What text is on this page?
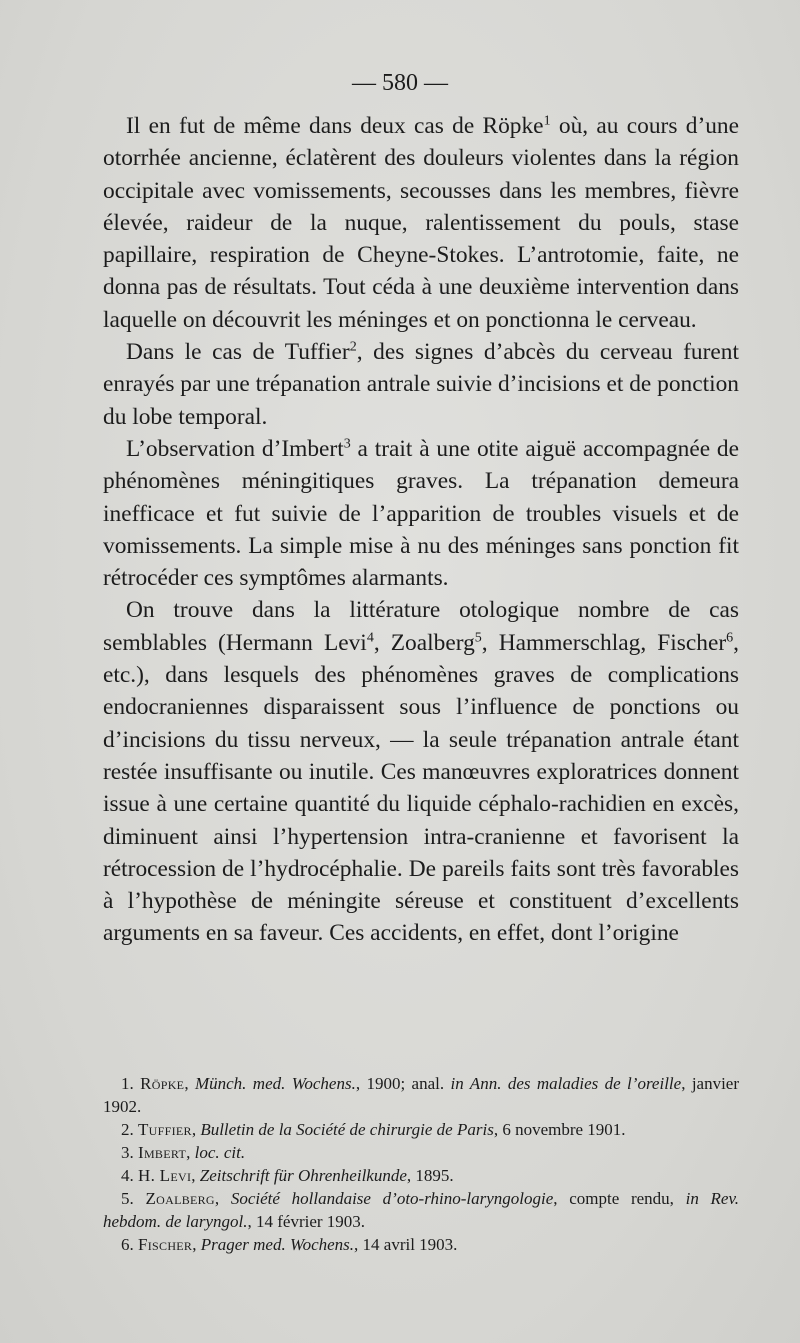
— 580 —

Il en fut de même dans deux cas de Röpke$^1$ où, au cours d’une otorrhée ancienne, éclatèrent des douleurs violentes dans la région occipitale avec vomissements, secousses dans les membres, fièvre élevée, raideur de la nuque, ralentissement du pouls, stase papillaire, respiration de Cheyne-Stokes. L’antrotomie, faite, ne donna pas de résultats. Tout céda à une deuxième intervention dans laquelle on découvrit les méninges et on ponctionna le cerveau.

Dans le cas de Tuffier$^2$, des signes d’abcès du cerveau furent enrayés par une trépanation antrale suivie d’incisions et de ponction du lobe temporal.

L’observation d’Imbert$^3$ a trait à une otite aiguë accompagnée de phénomènes méningitiques graves. La trépanation demeura inefficace et fut suivie de l’apparition de troubles visuels et de vomissements. La simple mise à nu des méninges sans ponction fit rétrocéder ces symptômes alarmants.

On trouve dans la littérature otologique nombre de cas semblables (Hermann Levi$^4$, Zoalberg$^5$, Hammerschlag, Fischer$^6$, etc.), dans lesquels des phénomènes graves de complications endocraniennes disparaissent sous l’influence de ponctions ou d’incisions du tissu nerveux, — la seule trépanation antrale étant restée insuffisante ou inutile. Ces manœuvres exploratrices donnent issue à une certaine quantité du liquide céphalo-rachidien en excès, diminuent ainsi l’hypertension intra-cranienne et favorisent la rétrocession de l’hydrocéphalie. De pareils faits sont très favorables à l’hypothèse de méningite séreuse et constituent d’excellents arguments en sa faveur. Ces accidents, en effet, dont l’origine

1. Röpke, Münch. med. Wochens., 1900; anal. in Ann. des maladies de l’oreille, janvier 1902.

2. Tuffier, Bulletin de la Société de chirurgie de Paris, 6 novembre 1901.

3. Imbert, loc. cit.

4. H. Levi, Zeitschrift für Ohrenheilkunde, 1895.

5. Zoalberg, Société hollandaise d’oto-rhino-laryngologie, compte rendu, in Rev. hebdom. de laryngol., 14 février 1903.

6. Fischer, Prager med. Wochens., 14 avril 1903.
